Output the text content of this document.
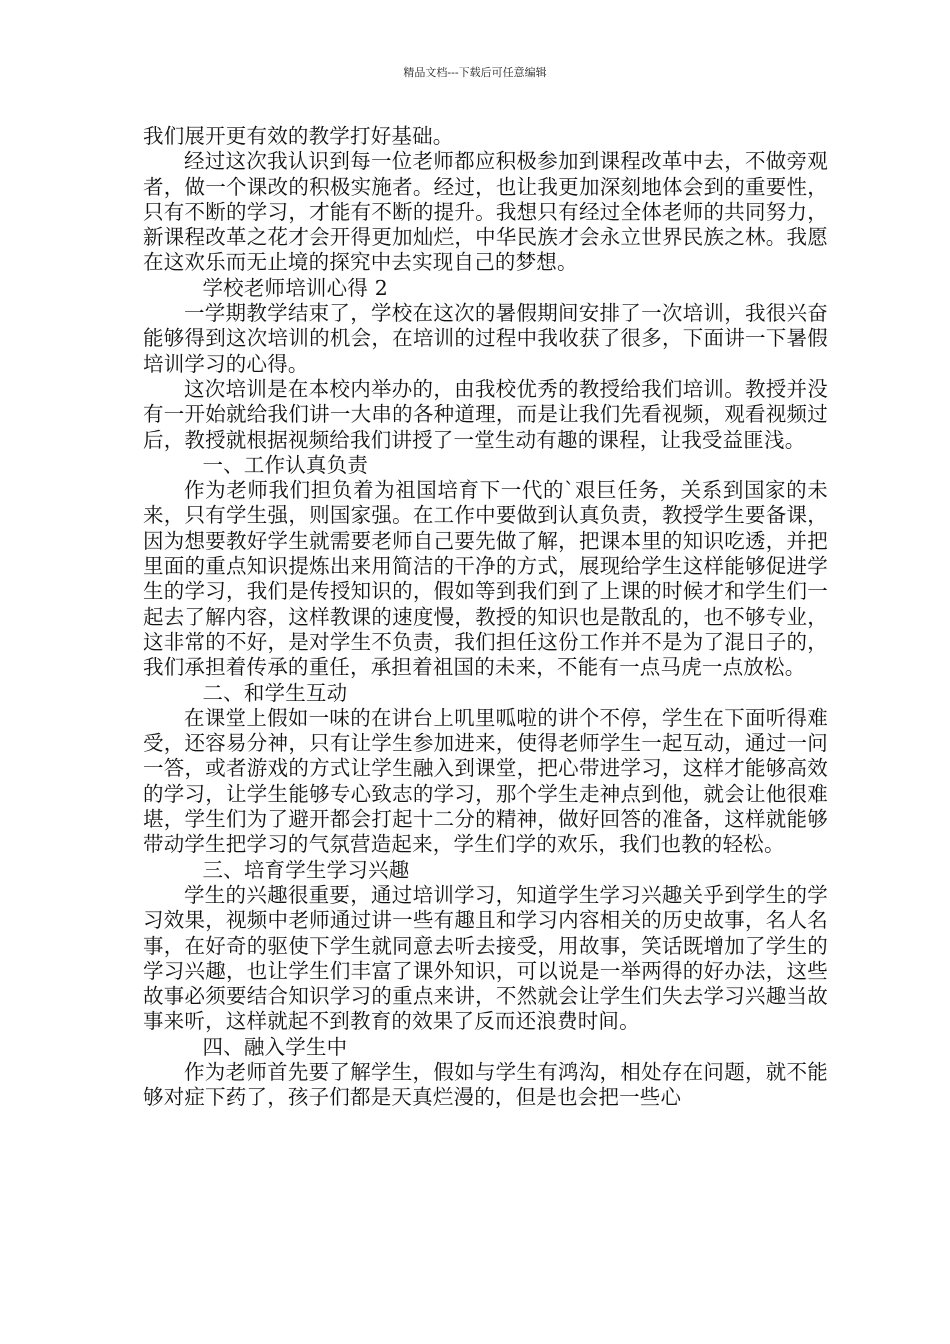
精品文档---下载后可任意编辑

我们展开更有效的教学打好基础。

经过这次我认识到每一位老师都应积极参加到课程改革中去，不做旁观者，做一个课改的积极实施者。经过，也让我更加深刻地体会到的重要性，只有不断的学习，才能有不断的提升。我想只有经过全体老师的共同努力，新课程改革之花才会开得更加灿烂，中华民族才会永立世界民族之林。我愿在这欢乐而无止境的探究中去实现自己的梦想。

学校老师培训心得 2

一学期教学结束了，学校在这次的暑假期间安排了一次培训，我很兴奋能够得到这次培训的机会，在培训的过程中我收获了很多，下面讲一下暑假培训学习的心得。

这次培训是在本校内举办的，由我校优秀的教授给我们培训。教授并没有一开始就给我们讲一大串的各种道理，而是让我们先看视频，观看视频过后，教授就根据视频给我们讲授了一堂生动有趣的课程，让我受益匪浅。

一、工作认真负责

作为老师我们担负着为祖国培育下一代的`艰巨任务，关系到国家的未来，只有学生强，则国家强。在工作中要做到认真负责，教授学生要备课，因为想要教好学生就需要老师自己要先做了解，把课本里的知识吃透，并把里面的重点知识提炼出来用简洁的干净的方式，展现给学生这样能够促进学生的学习，我们是传授知识的，假如等到我们到了上课的时候才和学生们一起去了解内容，这样教课的速度慢，教授的知识也是散乱的，也不够专业，这非常的不好，是对学生不负责，我们担任这份工作并不是为了混日子的，我们承担着传承的重任，承担着祖国的未来，不能有一点马虎一点放松。

二、和学生互动

在课堂上假如一味的在讲台上叽里呱啦的讲个不停，学生在下面听得难受，还容易分神，只有让学生参加进来，使得老师学生一起互动，通过一问一答，或者游戏的方式让学生融入到课堂，把心带进学习，这样才能够高效的学习，让学生能够专心致志的学习，那个学生走神点到他，就会让他很难堪，学生们为了避开都会打起十二分的精神，做好回答的准备，这样就能够带动学生把学习的气氛营造起来，学生们学的欢乐，我们也教的轻松。

三、培育学生学习兴趣

学生的兴趣很重要，通过培训学习，知道学生学习兴趣关乎到学生的学习效果，视频中老师通过讲一些有趣且和学习内容相关的历史故事，名人名事，在好奇的驱使下学生就同意去听去接受，用故事，笑话既增加了学生的学习兴趣，也让学生们丰富了课外知识，可以说是一举两得的好办法，这些故事必须要结合知识学习的重点来讲，不然就会让学生们失去学习兴趣当故事来听，这样就起不到教育的效果了反而还浪费时间。

四、融入学生中

作为老师首先要了解学生，假如与学生有鸿沟，相处存在问题，就不能够对症下药了，孩子们都是天真烂漫的，但是也会把一些心
